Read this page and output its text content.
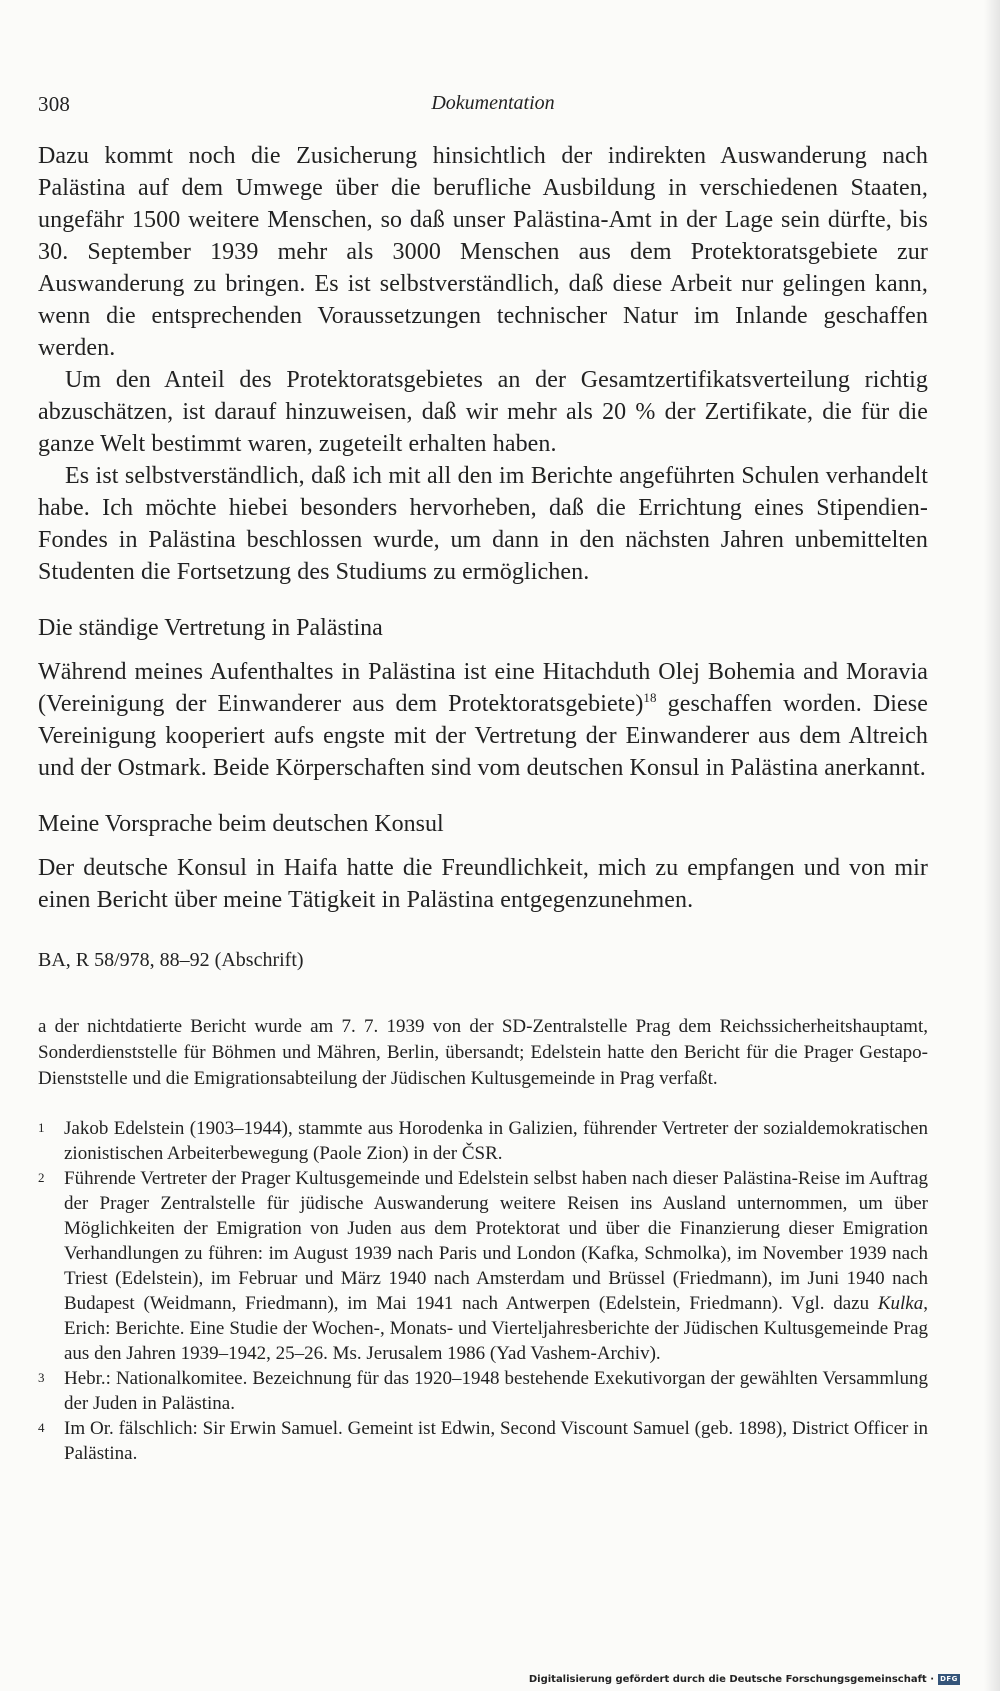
308	Dokumentation

Dazu kommt noch die Zusicherung hinsichtlich der indirekten Auswanderung nach Palästina auf dem Umwege über die berufliche Ausbildung in verschiedenen Staaten, ungefähr 1500 weitere Menschen, so daß unser Palästina-Amt in der Lage sein dürfte, bis 30. September 1939 mehr als 3000 Menschen aus dem Protektoratsgebiete zur Auswanderung zu bringen. Es ist selbstverständlich, daß diese Arbeit nur gelingen kann, wenn die entsprechenden Voraussetzungen technischer Natur im Inlande geschaffen werden.

Um den Anteil des Protektoratsgebietes an der Gesamtzertifikatsverteilung richtig abzuschätzen, ist darauf hinzuweisen, daß wir mehr als 20 % der Zertifikate, die für die ganze Welt bestimmt waren, zugeteilt erhalten haben.

Es ist selbstverständlich, daß ich mit all den im Berichte angeführten Schulen verhandelt habe. Ich möchte hiebei besonders hervorheben, daß die Errichtung eines Stipendien-Fondes in Palästina beschlossen wurde, um dann in den nächsten Jahren unbemittelten Studenten die Fortsetzung des Studiums zu ermöglichen.

Die ständige Vertretung in Palästina

Während meines Aufenthaltes in Palästina ist eine Hitachduth Olej Bohemia and Moravia (Vereinigung der Einwanderer aus dem Protektoratsgebiete)$^{18}$ geschaffen worden. Diese Vereinigung kooperiert aufs engste mit der Vertretung der Einwanderer aus dem Altreich und der Ostmark. Beide Körperschaften sind vom deutschen Konsul in Palästina anerkannt.

Meine Vorsprache beim deutschen Konsul

Der deutsche Konsul in Haifa hatte die Freundlichkeit, mich zu empfangen und von mir einen Bericht über meine Tätigkeit in Palästina entgegenzunehmen.

BA, R 58/978, 88–92 (Abschrift)

a der nichtdatierte Bericht wurde am 7. 7. 1939 von der SD-Zentralstelle Prag dem Reichssicherheitshauptamt, Sonderdienststelle für Böhmen und Mähren, Berlin, übersandt; Edelstein hatte den Bericht für die Prager Gestapo-Dienststelle und die Emigrationsabteilung der Jüdischen Kultusgemeinde in Prag verfaßt.

1	Jakob Edelstein (1903–1944), stammte aus Horodenka in Galizien, führender Vertreter der sozialdemokratischen zionistischen Arbeiterbewegung (Paole Zion) in der ČSR.
2	Führende Vertreter der Prager Kultusgemeinde und Edelstein selbst haben nach dieser Palästina-Reise im Auftrag der Prager Zentralstelle für jüdische Auswanderung weitere Reisen ins Ausland unternommen, um über Möglichkeiten der Emigration von Juden aus dem Protektorat und über die Finanzierung dieser Emigration Verhandlungen zu führen: im August 1939 nach Paris und London (Kafka, Schmolka), im November 1939 nach Triest (Edelstein), im Februar und März 1940 nach Amsterdam und Brüssel (Friedmann), im Juni 1940 nach Budapest (Weidmann, Friedmann), im Mai 1941 nach Antwerpen (Edelstein, Friedmann). Vgl. dazu Kulka, Erich: Berichte. Eine Studie der Wochen-, Monats- und Vierteljahresberichte der Jüdischen Kultusgemeinde Prag aus den Jahren 1939–1942, 25–26. Ms. Jerusalem 1986 (Yad Vashem-Archiv).
3	Hebr.: Nationalkomitee. Bezeichnung für das 1920–1948 bestehende Exekutivorgan der gewählten Versammlung der Juden in Palästina.
4	Im Or. fälschlich: Sir Erwin Samuel. Gemeint ist Edwin, Second Viscount Samuel (geb. 1898), District Officer in Palästina.
Digitalisierung gefördert durch die Deutsche Forschungsgemeinschaft · DFG
